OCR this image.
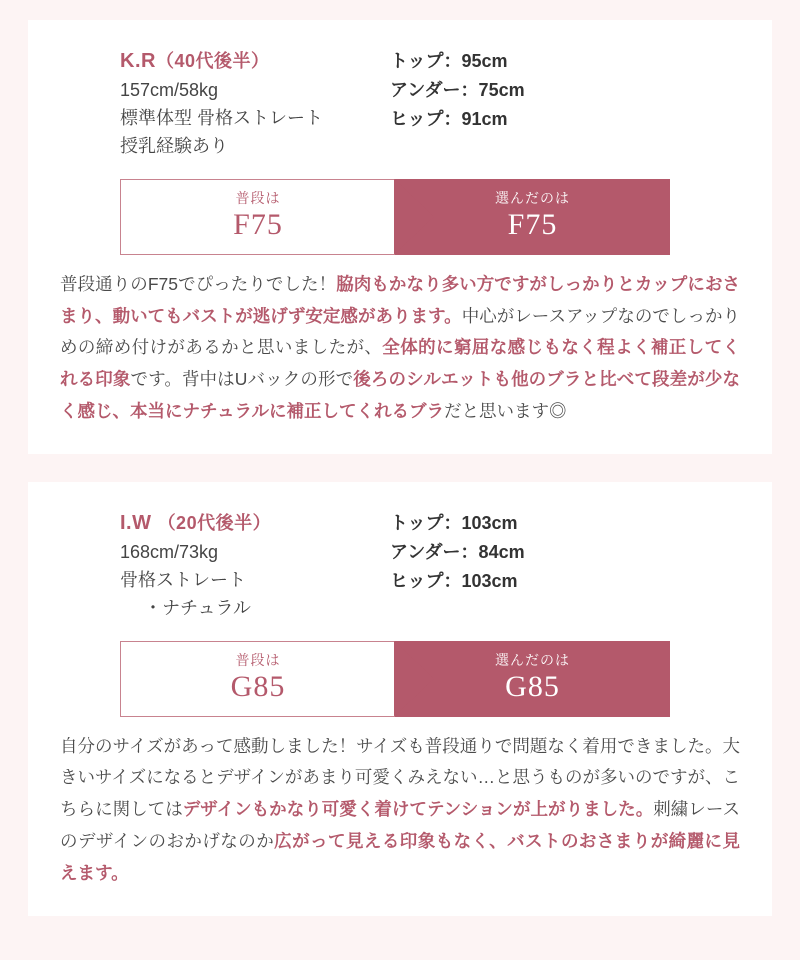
K.R（40代後半）
157cm/58kg
標準体型 骨格ストレート
授乳経験あり
トップ：95cm
アンダー：75cm
ヒップ：91cm
普段は
F75
選んだのは
F75
普段通りのF75でぴったりでした！脇肉もかなり多い方ですがしっかりとカップにおさまり、動いてもバストが逃げず安定感があります。中心がレースアップなのでしっかりめの締め付けがあるかと思いましたが、全体的に窮屈な感じもなく程よく補正してくれる印象です。背中はUバックの形で後ろのシルエットも他のブラと比べて段差が少なく感じ、本当にナチュラルに補正してくれるブラだと思います◎
I.W （20代後半）
168cm/73kg
骨格ストレート
・ナチュラル
トップ：103cm
アンダー：84cm
ヒップ：103cm
普段は
G85
選んだのは
G85
自分のサイズがあって感動しました！サイズも普段通りで問題なく着用できました。大きいサイズになるとデザインがあまり可愛くみえない…と思うものが多いのですが、こちらに関してはデザインもかなり可愛く着けてテンションが上がりました。刺繍レースのデザインのおかげなのか広がって見える印象もなく、バストのおさまりが綺麗に見えます。
